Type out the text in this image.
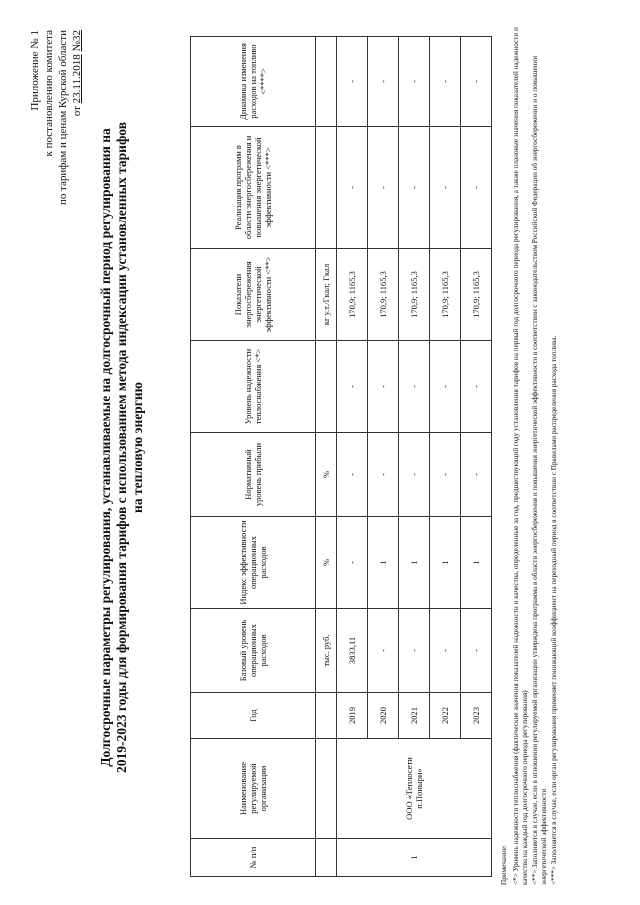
Приложение № 1 к постановлению комитета по тарифам и ценам Курской области от 23.11.2018 №32
Долгосрочные параметры регулирования, устанавливаемые на долгосрочный период регулирования на 2019-2023 годы для формирования тарифов с использованием метода индексации установленных тарифов на тепловую энергию
№ п/п	Наименование регулируемой организации	Год	Базовый уровень операционных расходов	Индекс эффективности операционных расходов	Нормативный уровень прибыли	Уровень надежности теплоснабжения <*>	Показатели энергосбережения энергетической эффективности <**>	Реализация программ в области энергосбережения и повышения энергетической эффективности <***>	Динамика изменения расходов на топливо <****>
			тыс. руб.	%	%		кг у.т./Гкал; Гкал		
1	ООО «Теплосети п.Поныри»	2019	3833,11	-	-	-	170,9; 1165,3	-	-
		2020	-	1	-	-	170,9; 1165,3	-	-
		2021	-	1	-	-	170,9; 1165,3	-	-
		2022	-	1	-	-	170,9; 1165,3	-	-
		2023	-	1	-	-	170,9; 1165,3	-	-
Примечание: <*> Уровень надежности теплоснабжения (фактические значения показателей надежности и качества, определенные за год, предшествующий году установления тарифов на первый год долгосрочного периода регулирования, а также плановые значения показателей надежности и качества на каждый год долгосрочного периода регулирования) <**> Заполняется в случае, если в отношении регулируемой организации утверждена программа в области энергосбережения и повышения энергетической эффективности в соответствии с законодательством Российской Федерации об энергосбережении и о повышении энергетической эффективности <***> Заполняется в случае, если орган регулирования применяет понижающий коэффициент на переходный период в соответствии с Правилами распределения расхода топлива.
